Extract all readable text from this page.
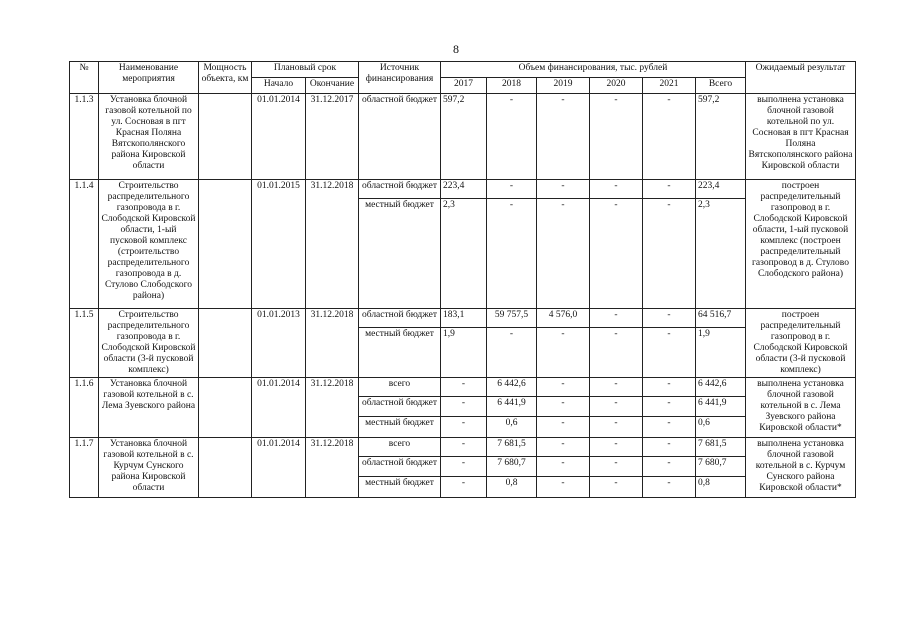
8
№	Наименование мероприятия	Мощность объекта, км	Плановый срок		Источник финансирования	Объем финансирования, тыс. рублей						Ожидаемый результат
			Начало	Окончание		2017	2018	2019	2020	2021	Всего	
1.1.3	Установка блочной газовой котельной по ул. Сосновая в пгт Красная Поляна Вятскополянского района Кировской области		01.01.2014	31.12.2017	областной бюджет	597,2	-	-	-	-	597,2	выполнена установка блочной газовой котельной по ул. Сосновая в пгт Красная Поляна Вятскополянского района Кировской области
1.1.4	Строительство распределительного газопровода в г. Слободской Кировской области, 1-ый пусковой комплекс (строительство распределительного газопровода в д. Стулово Слободского района)		01.01.2015	31.12.2018	областной бюджет	223,4	-	-	-	-	223,4	построен распределительный газопровод в г. Слободской Кировской области, 1-ый пусковой комплекс (построен распределительный газопровод в д. Стулово Слободского района)
					местный бюджет	2,3	-	-	-	-	2,3	
1.1.5	Строительство распределительного газопровода в г. Слободской Кировской области (3-й пусковой комплекс)		01.01.2013	31.12.2018	областной бюджет	183,1	59 757,5	4 576,0	-	-	64 516,7	построен распределительный газопровод в г. Слободской Кировской области (3-й пусковой комплекс)
					местный бюджет	1,9	-	-	-	-	1,9	
1.1.6	Установка блочной газовой котельной в с. Лема Зуевского района		01.01.2014	31.12.2018	всего	-	6 442,6	-	-	-	6 442,6	выполнена установка блочной газовой котельной в с. Лема Зуевского района Кировской области*
					областной бюджет	-	6 441,9	-	-	-	6 441,9	
					местный бюджет	-	0,6	-	-	-	0,6	
1.1.7	Установка блочной газовой котельной в с. Курчум Сунского района Кировской области		01.01.2014	31.12.2018	всего	-	7 681,5	-	-	-	7 681,5	выполнена установка блочной газовой котельной в с. Курчум Сунского района Кировской области*
					областной бюджет	-	7 680,7	-	-	-	7 680,7	
					местный бюджет	-	0,8	-	-	-	0,8	
